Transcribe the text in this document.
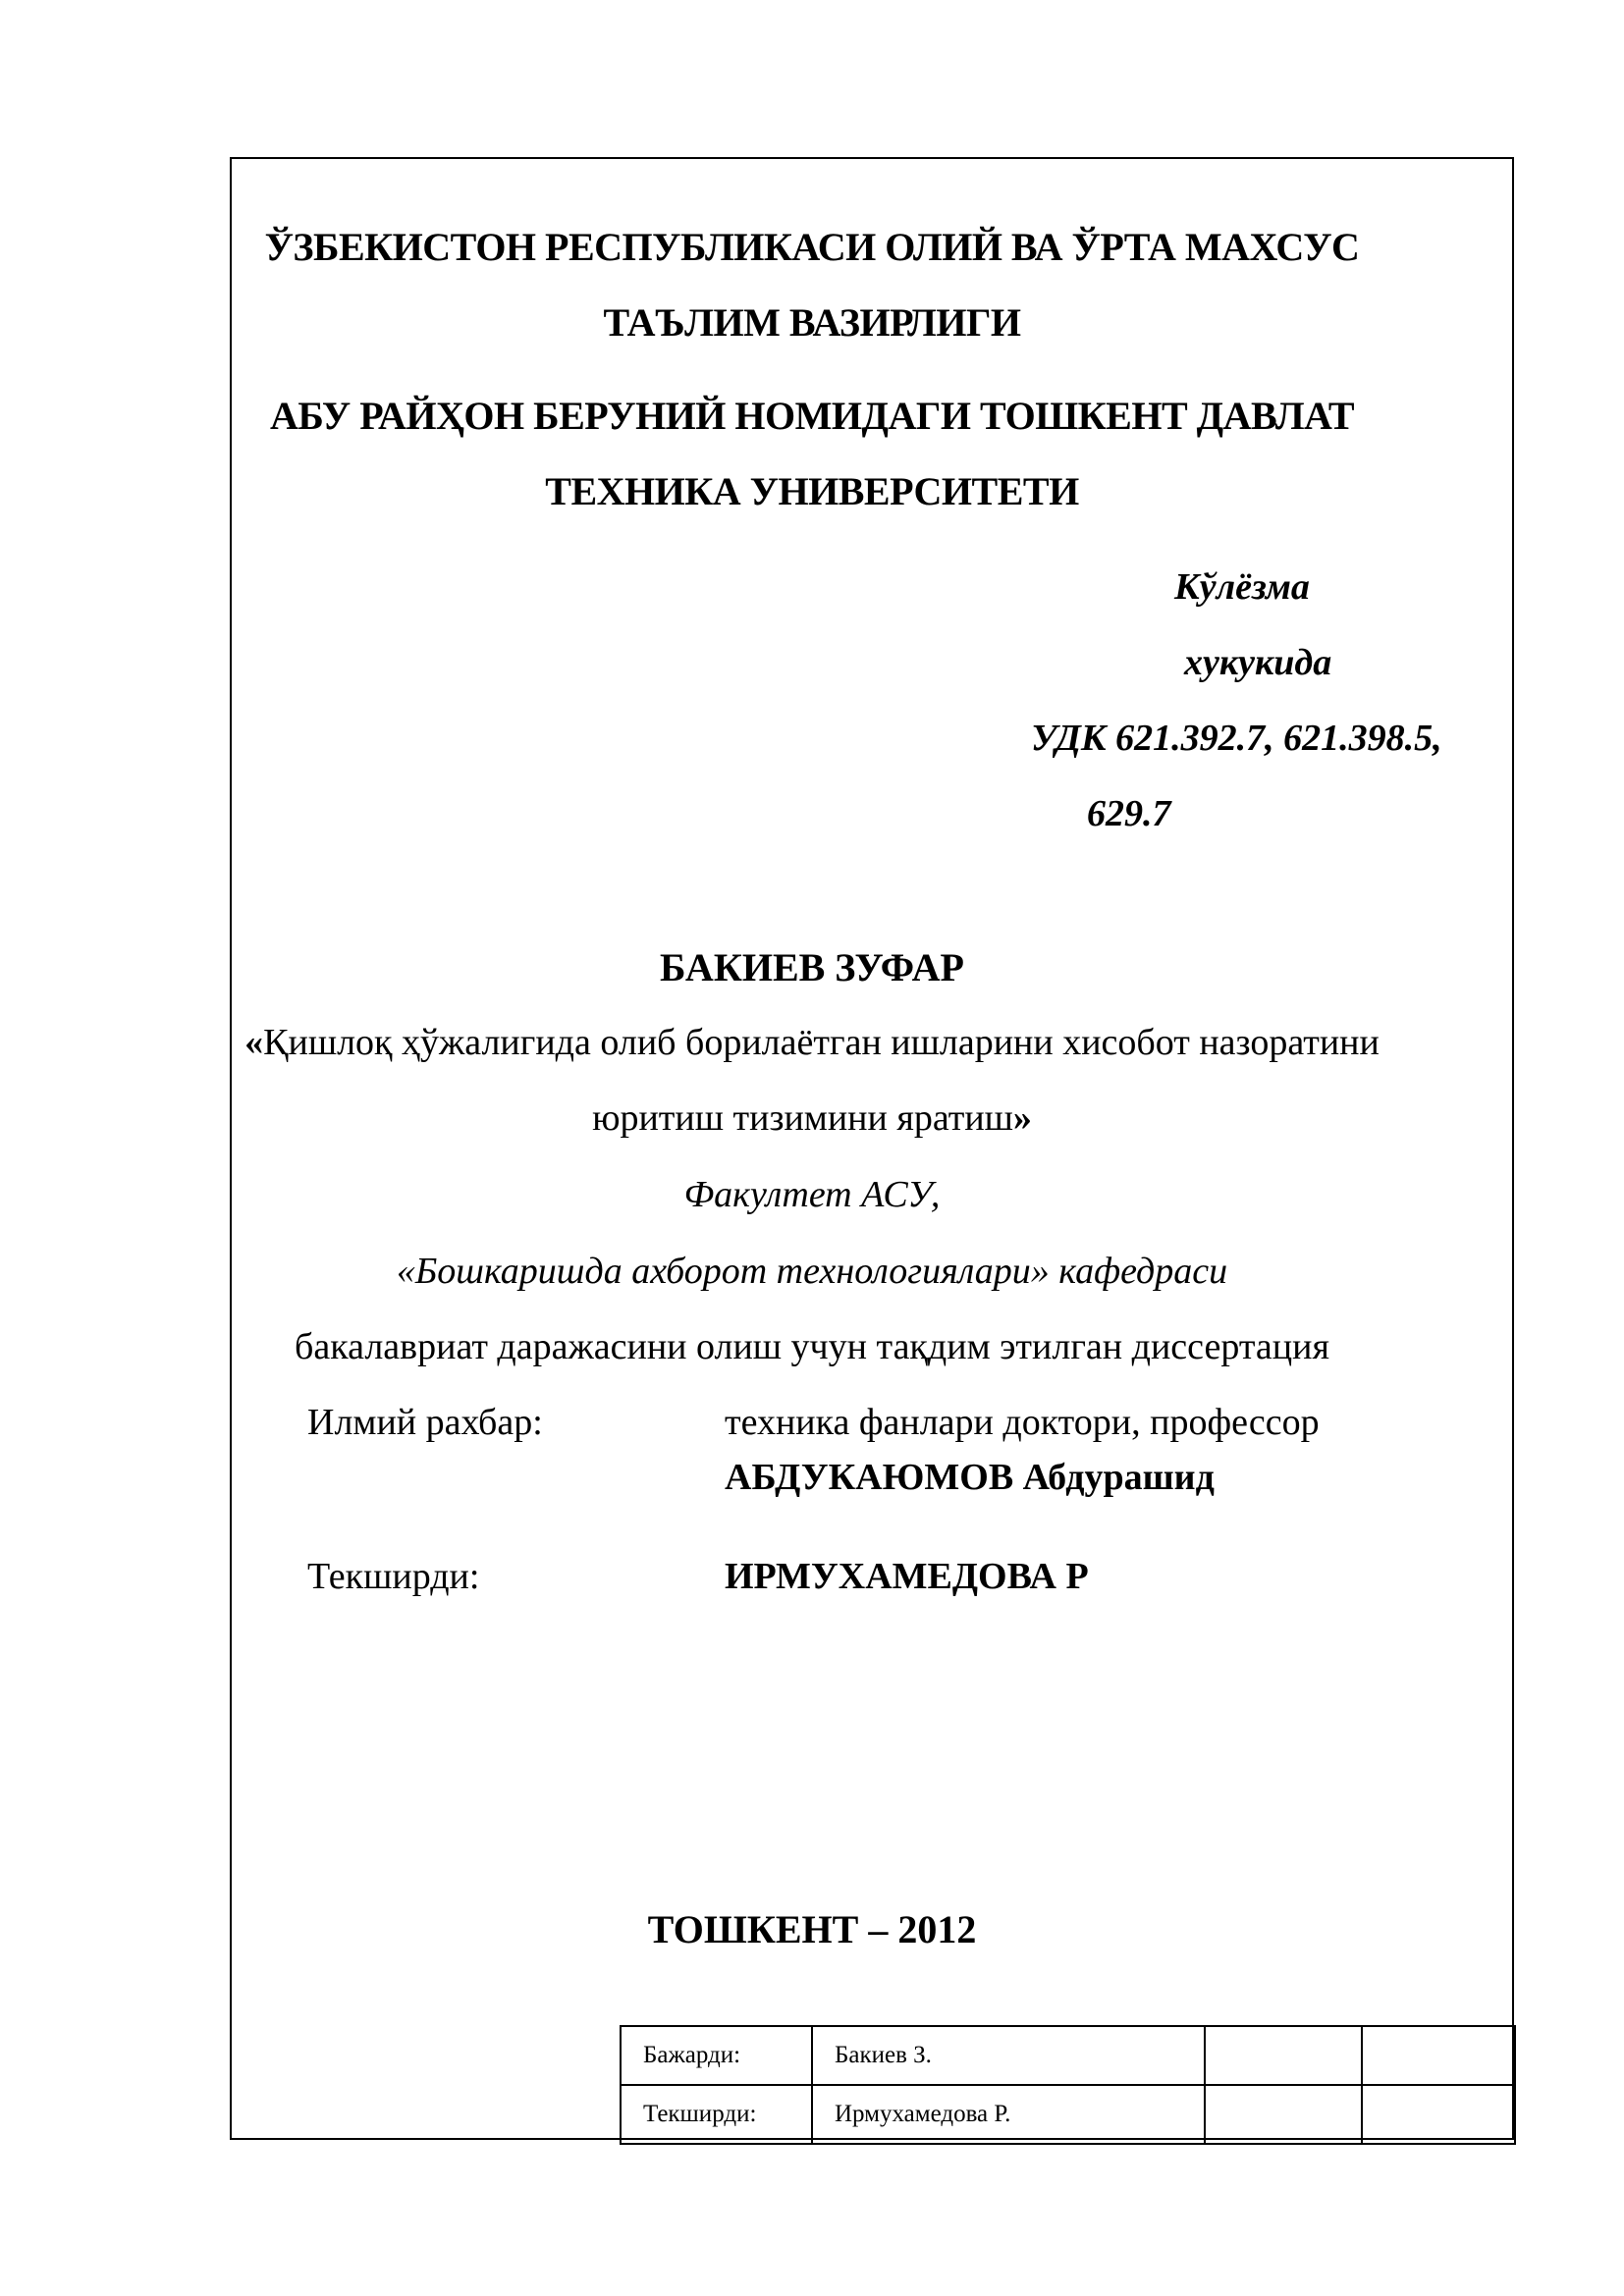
ЎЗБЕКИСТОН РЕСПУБЛИКАСИ ОЛИЙ ВА ЎРТА МАХСУС
ТАЪЛИМ ВАЗИРЛИГИ
АБУ РАЙҲОН БЕРУНИЙ НОМИДАГИ ТОШКЕНТ ДАВЛАТ
ТЕХНИКА УНИВЕРСИТЕТИ
Кўлёзма
хукукида
УДК 621.392.7, 621.398.5,
629.7
БАКИЕВ ЗУФАР
«Қишлоқ ҳўжалигида олиб борилаётган ишларини хисобот назоратини
юритиш тизимини яратиш»
Факултет АСУ,
«Бошкаришда ахборот технологиялари» кафедраси
бакалавриат даражасини олиш учун тақдим этилган диссертация
Илмий рахбар:	техника фанлари доктори, профессор
АБДУКАЮМОВ Абдурашид
Текширди:	ИРМУХАМЕДОВА Р
ТОШКЕНТ – 2012
Бажарди:	Бакиев З.		
Текширди:	Ирмухамедова Р.		
